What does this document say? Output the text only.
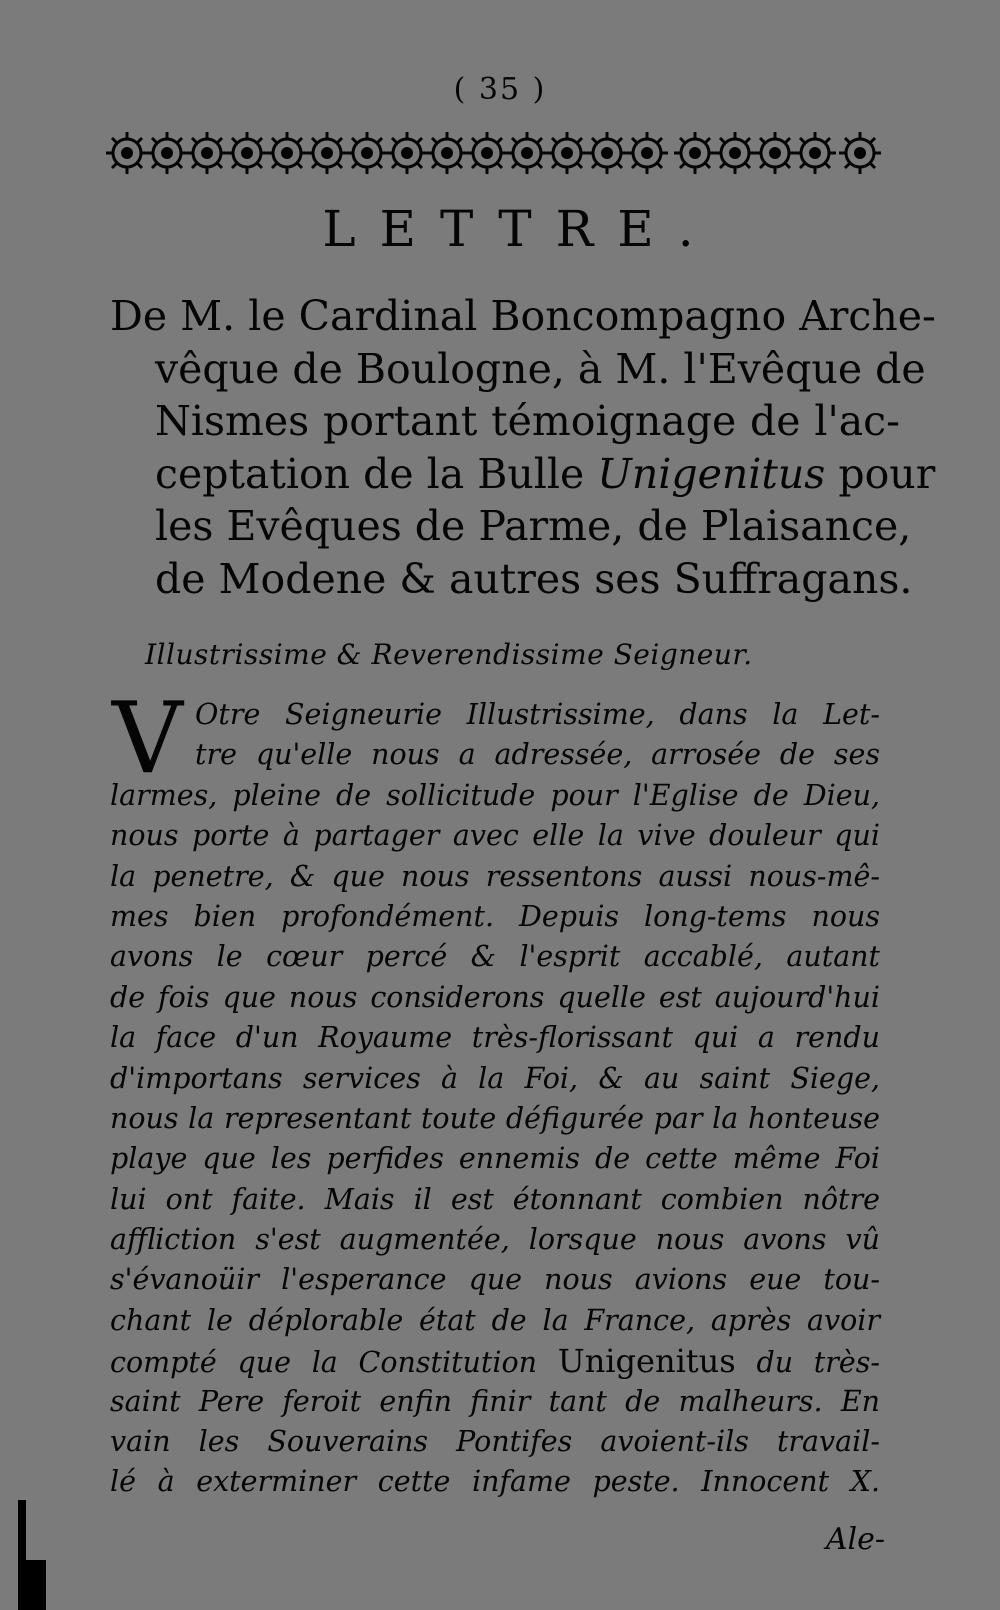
( 35 )
LETTRE.
De M. le Cardinal Boncompagno Arche-
vêque de Boulogne, à M. l'Evêque de
Nismes portant témoignage de l'ac-
ceptation de la Bulle Unigenitus pour
les Evêques de Parme, de Plaisance,
de Modene & autres ses Suffragans.
Illustrissime & Reverendissime Seigneur.
V Otre Seigneurie Illustrissime, dans la Let-
tre qu'elle nous a adressée, arrosée de ses
larmes, pleine de sollicitude pour l'Eglise de Dieu,
nous porte à partager avec elle la vive douleur qui
la penetre, & que nous ressentons aussi nous-mê-
mes bien profondément. Depuis long-tems nous
avons le cœur percé & l'esprit accablé, autant
de fois que nous considerons quelle est aujourd'hui
la face d'un Royaume très-florissant qui a rendu
d'importans services à la Foi, & au saint Siege,
nous la representant toute défigurée par la honteuse
playe que les perfides ennemis de cette même Foi
lui ont faite. Mais il est étonnant combien nôtre
affliction s'est augmentée, lorsque nous avons vû
s'évanoüir l'esperance que nous avions eue tou-
chant le déplorable état de la France, après avoir
compté que la Constitution Unigenitus du très-
saint Pere feroit enfin finir tant de malheurs. En
vain les Souverains Pontifes avoient-ils travail-
lé à exterminer cette infame peste. Innocent X.
Ale-
